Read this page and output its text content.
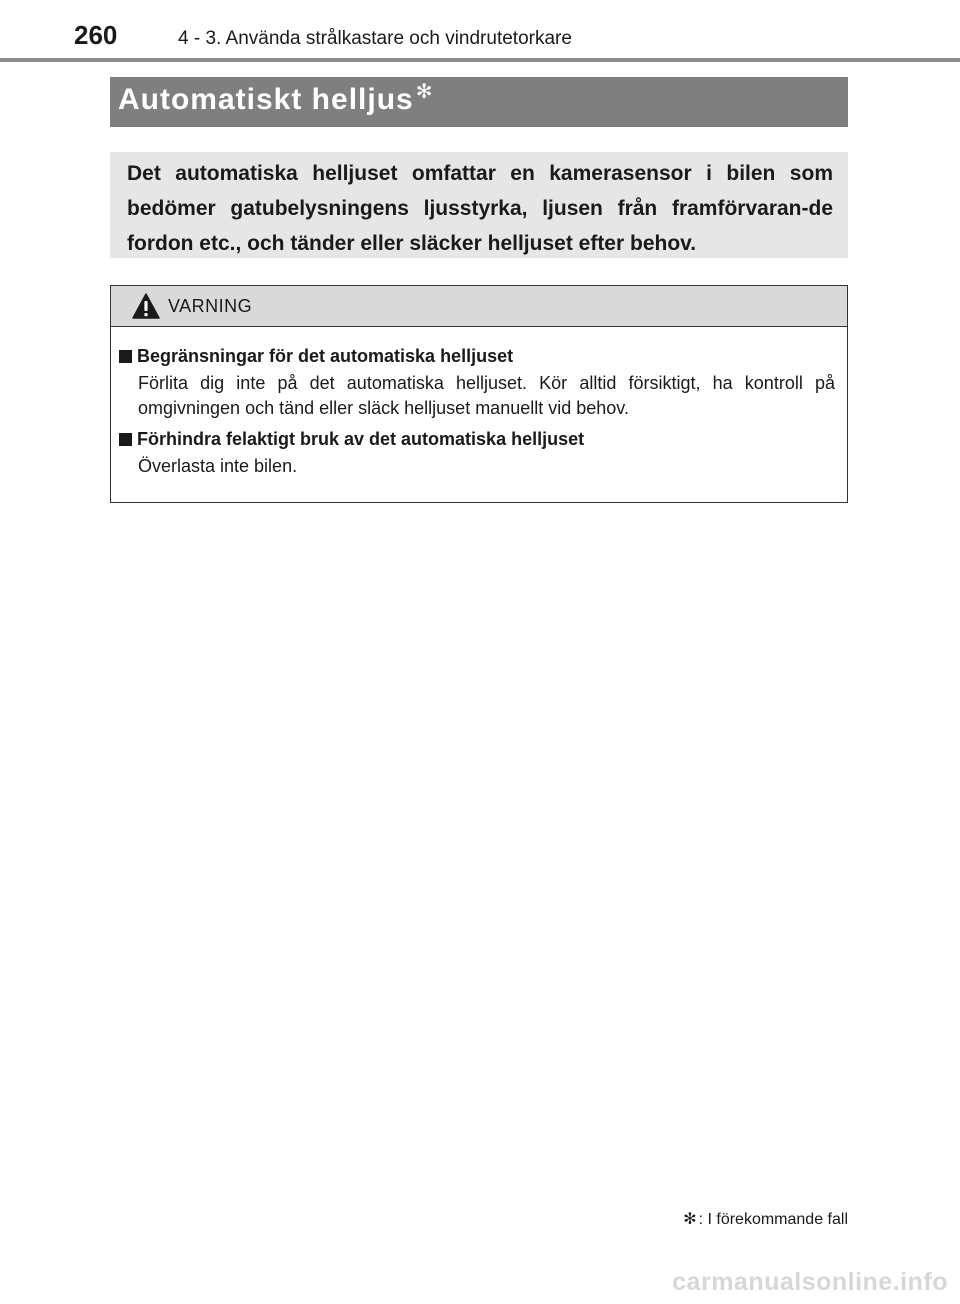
260	4 - 3. Använda strålkastare och vindrutetorkare
Automatiskt helljus ✻
Det automatiska helljuset omfattar en kamerasensor i bilen som bedömer gatubelysningens ljusstyrka, ljusen från framförvaran-de fordon etc., och tänder eller släcker helljuset efter behov.
VARNING
Begränsningar för det automatiska helljuset
Förlita dig inte på det automatiska helljuset. Kör alltid försiktigt, ha kontroll på omgivningen och tänd eller släck helljuset manuellt vid behov.
Förhindra felaktigt bruk av det automatiska helljuset
Överlasta inte bilen.
✻ : I förekommande fall
carmanualsonline.info
